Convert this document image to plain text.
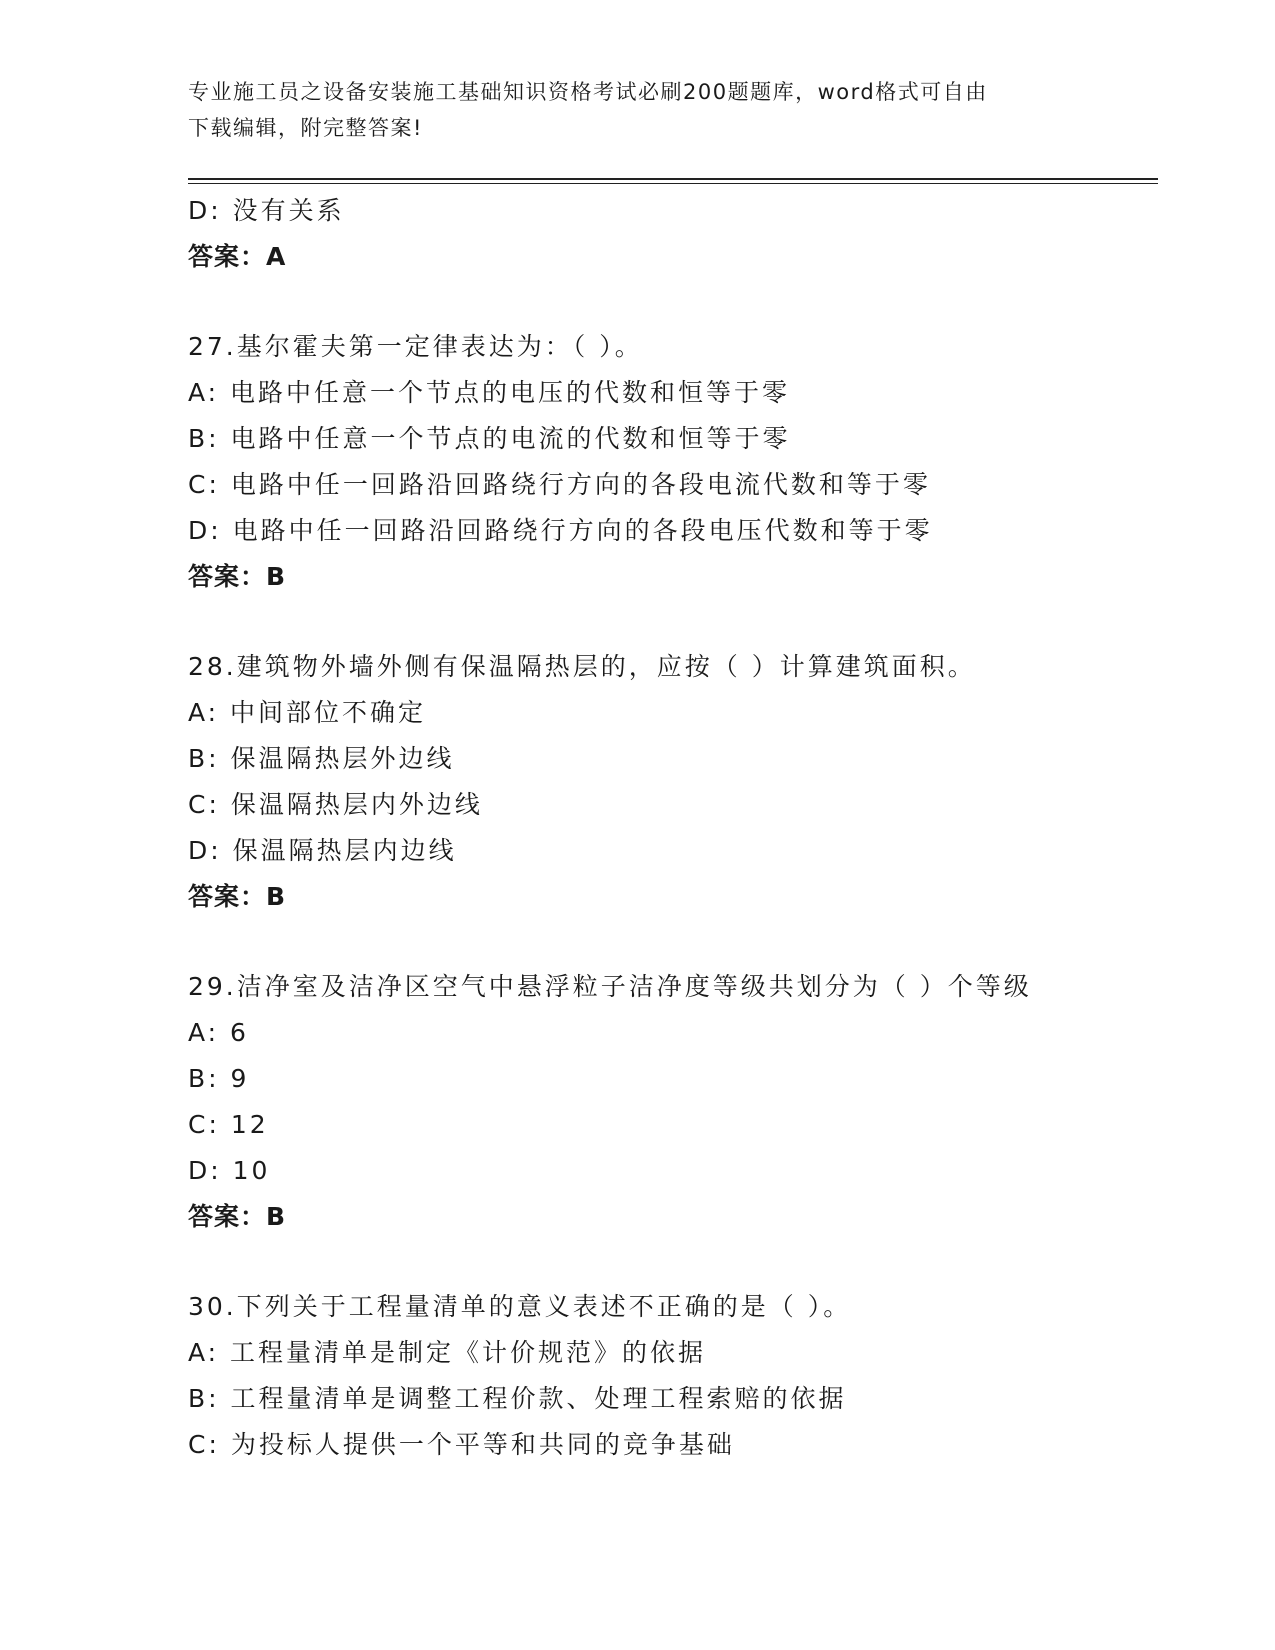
专业施工员之设备安装施工基础知识资格考试必刷200题题库，word格式可自由
下载编辑，附完整答案!
D: 没有关系
答案：A
27.基尔霍夫第一定律表达为：（ ）。
A: 电路中任意一个节点的电压的代数和恒等于零
B: 电路中任意一个节点的电流的代数和恒等于零
C: 电路中任一回路沿回路绕行方向的各段电流代数和等于零
D: 电路中任一回路沿回路绕行方向的各段电压代数和等于零
答案：B
28.建筑物外墙外侧有保温隔热层的，应按（ ）计算建筑面积。
A: 中间部位不确定
B: 保温隔热层外边线
C: 保温隔热层内外边线
D: 保温隔热层内边线
答案：B
29.洁净室及洁净区空气中悬浮粒子洁净度等级共划分为（ ）个等级
A: 6
B: 9
C: 12
D: 10
答案：B
30.下列关于工程量清单的意义表述不正确的是（ ）。
A: 工程量清单是制定《计价规范》的依据
B: 工程量清单是调整工程价款、处理工程索赔的依据
C: 为投标人提供一个平等和共同的竞争基础
